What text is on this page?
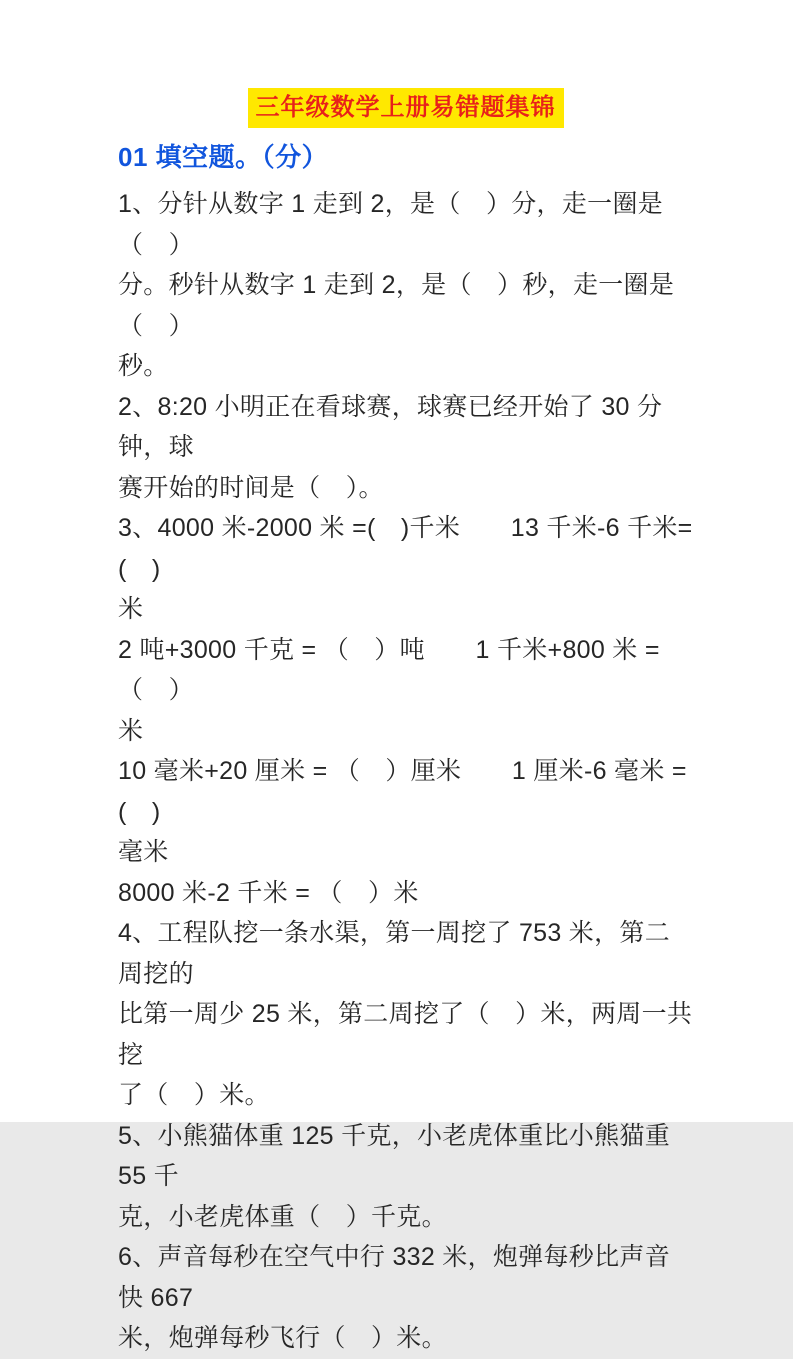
三年级数学上册易错题集锦
01 填空题。（分）
1、分针从数字 1 走到 2，是（　）分，走一圈是（　）
分。秒针从数字 1 走到 2，是（　）秒，走一圈是（　）
秒。
2、8:20 小明正在看球赛，球赛已经开始了 30 分钟，球
赛开始的时间是（　）。
3、4000 米-2000 米 =(　)千米　　13 千米-6 千米=(　)
米
2 吨+3000 千克 = （　）吨　　1 千米+800 米 = （　）
米
10 毫米+20 厘米 = （　）厘米　　1 厘米-6 毫米 =(　)
毫米
8000 米-2 千米 = （　）米
4、工程队挖一条水渠，第一周挖了 753 米，第二周挖的
比第一周少 25 米，第二周挖了（　）米，两周一共挖
了（　）米。
5、小熊猫体重 125 千克，小老虎体重比小熊猫重 55 千
克，小老虎体重（　）千克。
6、声音每秒在空气中行 332 米，炮弹每秒比声音快 667
米，炮弹每秒飞行（　）米。
